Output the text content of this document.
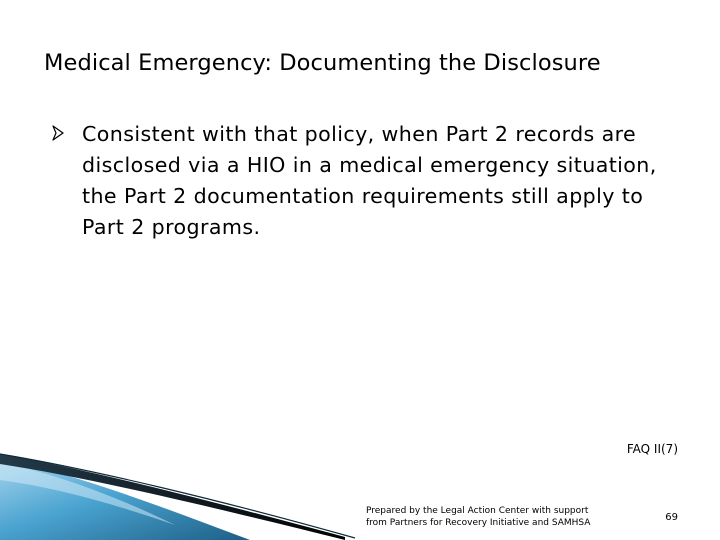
Medical Emergency: Documenting the Disclosure
Consistent with that policy, when Part 2 records are disclosed via a HIO in a medical emergency situation, the Part 2 documentation requirements still apply to Part 2 programs.
FAQ II(7)
Prepared by the Legal Action Center with support
from Partners for Recovery Initiative and SAMHSA	69
